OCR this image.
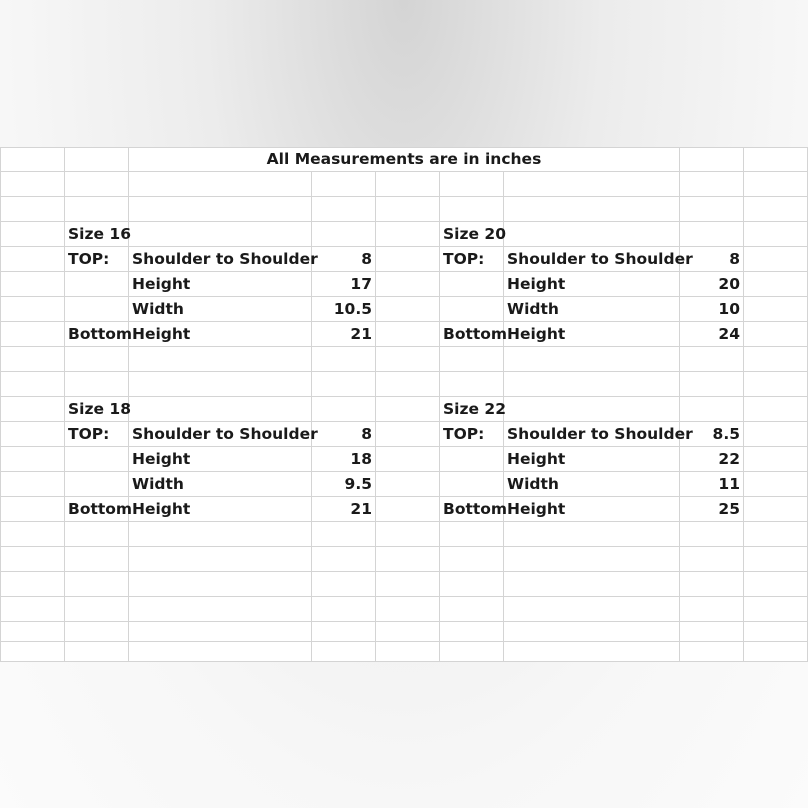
All Measurements are in inches
Size 16
TOP: Shoulder to Shoulder	8
Height	17
Width	10.5
Bottom Height	21
Size 20
TOP: Shoulder to Shoulder	8
Height	20
Width	10
Bottom Height	24
Size 18
TOP: Shoulder to Shoulder	8
Height	18
Width	9.5
Bottom Height	21
Size 22
TOP: Shoulder to Shoulder	8.5
Height	22
Width	11
Bottom Height	25
